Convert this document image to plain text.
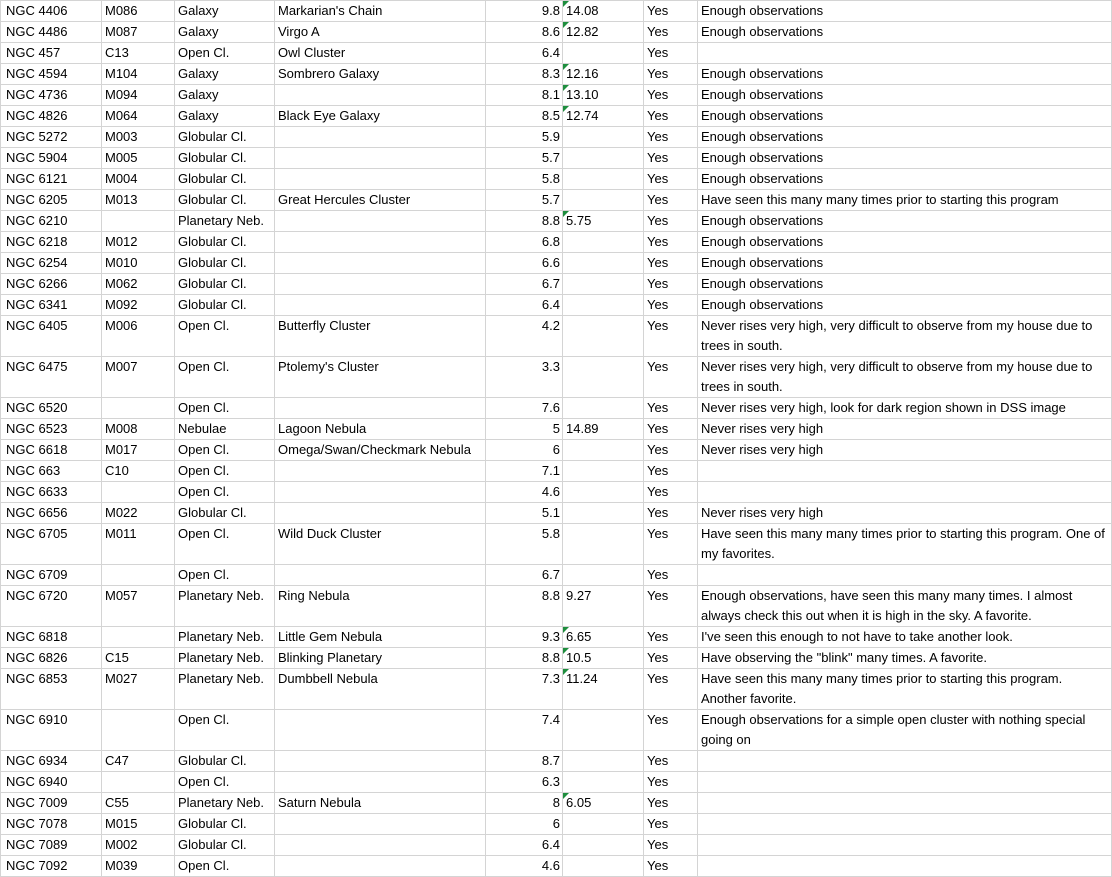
NGC 4406	M086	Galaxy	Markarian's Chain	9.8	14.08	Yes	Enough observations
NGC 4486	M087	Galaxy	Virgo A	8.6	12.82	Yes	Enough observations
NGC 457	C13	Open Cl.	Owl Cluster	6.4		Yes	
NGC 4594	M104	Galaxy	Sombrero Galaxy	8.3	12.16	Yes	Enough observations
NGC 4736	M094	Galaxy		8.1	13.10	Yes	Enough observations
NGC 4826	M064	Galaxy	Black Eye Galaxy	8.5	12.74	Yes	Enough observations
NGC 5272	M003	Globular Cl.		5.9		Yes	Enough observations
NGC 5904	M005	Globular Cl.		5.7		Yes	Enough observations
NGC 6121	M004	Globular Cl.		5.8		Yes	Enough observations
NGC 6205	M013	Globular Cl.	Great Hercules Cluster	5.7		Yes	Have seen this many many times prior to starting this program
NGC 6210		Planetary Neb.		8.8	5.75	Yes	Enough observations
NGC 6218	M012	Globular Cl.		6.8		Yes	Enough observations
NGC 6254	M010	Globular Cl.		6.6		Yes	Enough observations
NGC 6266	M062	Globular Cl.		6.7		Yes	Enough observations
NGC 6341	M092	Globular Cl.		6.4		Yes	Enough observations
NGC 6405	M006	Open Cl.	Butterfly Cluster	4.2		Yes	Never rises very high, very difficult to observe from my house due to trees in south.
NGC 6475	M007	Open Cl.	Ptolemy's Cluster	3.3		Yes	Never rises very high, very difficult to observe from my house due to trees in south.
NGC 6520		Open Cl.		7.6		Yes	Never rises very high, look for dark region shown in DSS image
NGC 6523	M008	Nebulae	Lagoon Nebula	5	14.89	Yes	Never rises very high
NGC 6618	M017	Open Cl.	Omega/Swan/Checkmark Nebula	6		Yes	Never rises very high
NGC 663	C10	Open Cl.		7.1		Yes	
NGC 6633		Open Cl.		4.6		Yes	
NGC 6656	M022	Globular Cl.		5.1		Yes	Never rises very high
NGC 6705	M011	Open Cl.	Wild Duck Cluster	5.8		Yes	Have seen this many many times prior to starting this program. One of my favorites.
NGC 6709		Open Cl.		6.7		Yes	
NGC 6720	M057	Planetary Neb.	Ring Nebula	8.8	9.27	Yes	Enough observations, have seen this many many times. I almost always check this out when it is high in the sky. A favorite.
NGC 6818		Planetary Neb.	Little Gem Nebula	9.3	6.65	Yes	I've seen this enough to not have to take another look.
NGC 6826	C15	Planetary Neb.	Blinking Planetary	8.8	10.5	Yes	Have observing the "blink" many times. A favorite.
NGC 6853	M027	Planetary Neb.	Dumbbell Nebula	7.3	11.24	Yes	Have seen this many many times prior to starting this program. Another favorite.
NGC 6910		Open Cl.		7.4		Yes	Enough observations for a simple open cluster with nothing special going on
NGC 6934	C47	Globular Cl.		8.7		Yes	
NGC 6940		Open Cl.		6.3		Yes	
NGC 7009	C55	Planetary Neb.	Saturn Nebula	8	6.05	Yes	
NGC 7078	M015	Globular Cl.		6		Yes	
NGC 7089	M002	Globular Cl.		6.4		Yes	
NGC 7092	M039	Open Cl.		4.6		Yes	
